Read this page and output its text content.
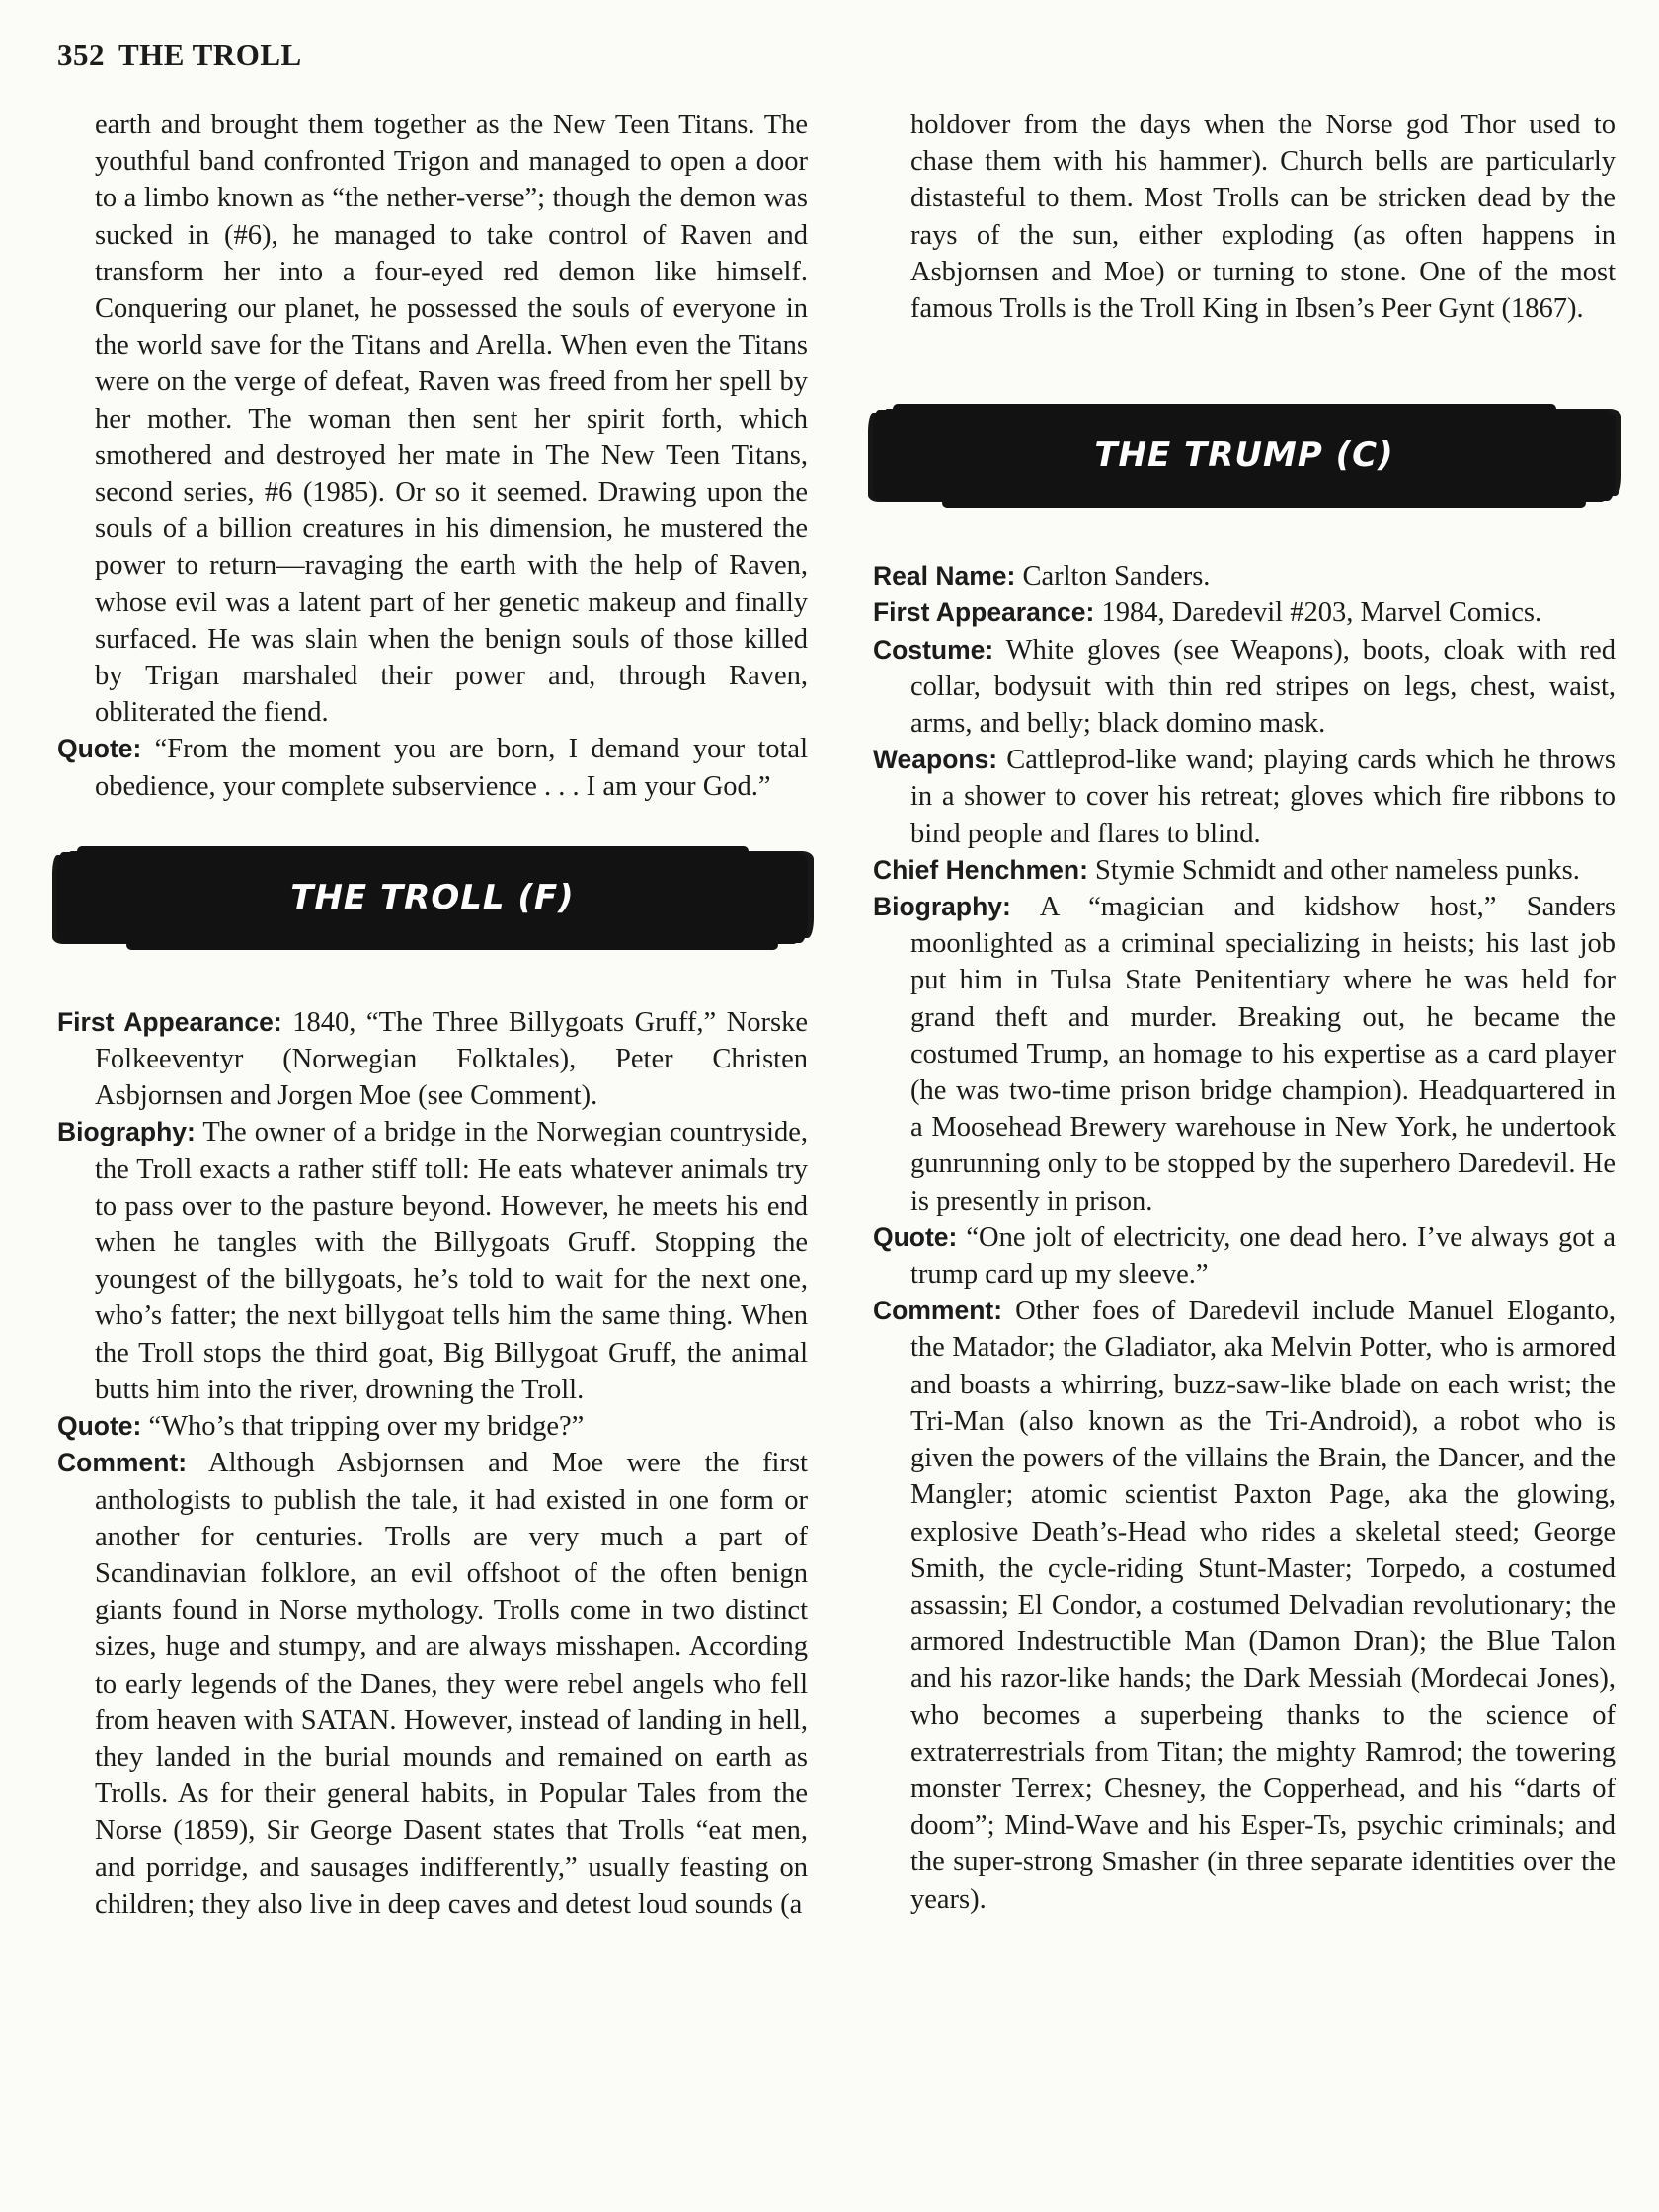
352 THE TROLL

earth and brought them together as the New Teen Titans. The youthful band confronted Trigon and managed to open a door to a limbo known as “the nether-verse”; though the demon was sucked in (#6), he managed to take control of Raven and transform her into a four-eyed red demon like himself. Conquering our planet, he possessed the souls of everyone in the world save for the Titans and Arella. When even the Titans were on the verge of defeat, Raven was freed from her spell by her mother. The woman then sent her spirit forth, which smothered and destroyed her mate in The New Teen Titans, second series, #6 (1985). Or so it seemed. Drawing upon the souls of a billion creatures in his dimension, he mustered the power to return—ravaging the earth with the help of Raven, whose evil was a latent part of her genetic makeup and finally surfaced. He was slain when the benign souls of those killed by Trigan marshaled their power and, through Raven, obliterated the fiend.

Quote: “From the moment you are born, I demand your total obedience, your complete subservience . . . I am your God.”

THE TROLL (F)

First Appearance: 1840, “The Three Billygoats Gruff,” Norske Folkeeventyr (Norwegian Folktales), Peter Christen Asbjornsen and Jorgen Moe (see Comment).

Biography: The owner of a bridge in the Norwegian countryside, the Troll exacts a rather stiff toll: He eats whatever animals try to pass over to the pasture beyond. However, he meets his end when he tangles with the Billygoats Gruff. Stopping the youngest of the billygoats, he’s told to wait for the next one, who’s fatter; the next billygoat tells him the same thing. When the Troll stops the third goat, Big Billygoat Gruff, the animal butts him into the river, drowning the Troll.

Quote: “Who’s that tripping over my bridge?”

Comment: Although Asbjornsen and Moe were the first anthologists to publish the tale, it had existed in one form or another for centuries. Trolls are very much a part of Scandinavian folklore, an evil offshoot of the often benign giants found in Norse mythology. Trolls come in two distinct sizes, huge and stumpy, and are always misshapen. According to early legends of the Danes, they were rebel angels who fell from heaven with SATAN. However, instead of landing in hell, they landed in the burial mounds and remained on earth as Trolls. As for their general habits, in Popular Tales from the Norse (1859), Sir George Dasent states that Trolls “eat men, and porridge, and sausages indifferently,” usually feasting on children; they also live in deep caves and detest loud sounds (a

holdover from the days when the Norse god Thor used to chase them with his hammer). Church bells are particularly distasteful to them. Most Trolls can be stricken dead by the rays of the sun, either exploding (as often happens in Asbjornsen and Moe) or turning to stone. One of the most famous Trolls is the Troll King in Ibsen’s Peer Gynt (1867).

THE TRUMP (C)

Real Name: Carlton Sanders.

First Appearance: 1984, Daredevil #203, Marvel Comics.

Costume: White gloves (see Weapons), boots, cloak with red collar, bodysuit with thin red stripes on legs, chest, waist, arms, and belly; black domino mask.

Weapons: Cattleprod-like wand; playing cards which he throws in a shower to cover his retreat; gloves which fire ribbons to bind people and flares to blind.

Chief Henchmen: Stymie Schmidt and other nameless punks.

Biography: A “magician and kidshow host,” Sanders moonlighted as a criminal specializing in heists; his last job put him in Tulsa State Penitentiary where he was held for grand theft and murder. Breaking out, he became the costumed Trump, an homage to his expertise as a card player (he was two-time prison bridge champion). Headquartered in a Moosehead Brewery warehouse in New York, he undertook gunrunning only to be stopped by the superhero Daredevil. He is presently in prison.

Quote: “One jolt of electricity, one dead hero. I’ve always got a trump card up my sleeve.”

Comment: Other foes of Daredevil include Manuel Eloganto, the Matador; the Gladiator, aka Melvin Potter, who is armored and boasts a whirring, buzz-saw-like blade on each wrist; the Tri-Man (also known as the Tri-Android), a robot who is given the powers of the villains the Brain, the Dancer, and the Mangler; atomic scientist Paxton Page, aka the glowing, explosive Death’s-Head who rides a skeletal steed; George Smith, the cycle-riding Stunt-Master; Torpedo, a costumed assassin; El Condor, a costumed Delvadian revolutionary; the armored Indestructible Man (Damon Dran); the Blue Talon and his razor-like hands; the Dark Messiah (Mordecai Jones), who becomes a superbeing thanks to the science of extraterrestrials from Titan; the mighty Ramrod; the towering monster Terrex; Chesney, the Copperhead, and his “darts of doom”; Mind-Wave and his Esper-Ts, psychic criminals; and the super-strong Smasher (in three separate identities over the years).
